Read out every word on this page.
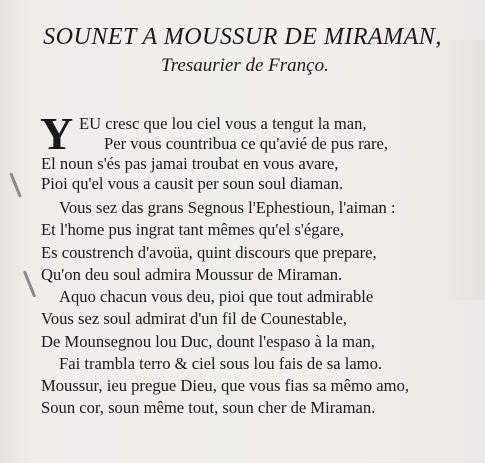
SOUNET A MOUSSUR DE MIRAMAN,
Tresaurier de Franço.
Y EU cresc que lou ciel vous a tengut la man,
Per vous countribua ce qu'avié de pus rare,
El noun s'és pas jamai troubat en vous avare,
Pioi qu'el vous a causit per soun soul diaman.
Vous sez das grans Segnous l'Ephestioun, l'aiman :
Et l'home pus ingrat tant mêmes qu'el s'égare,
Es coustrench d'avoüa, quint discours que prepare,
Qu'on deu soul admira Moussur de Miraman.
Aquo chacun vous deu, pioi que tout admirable
Vous sez soul admirat d'un fil de Counestable,
De Mounsegnou lou Duc, dount l'espaso à la man,
Fai trambla terro & ciel sous lou fais de sa lamo.
Moussur, ieu pregue Dieu, que vous fias sa mêmo amo,
Soun cor, soun même tout, soun cher de Miraman.
